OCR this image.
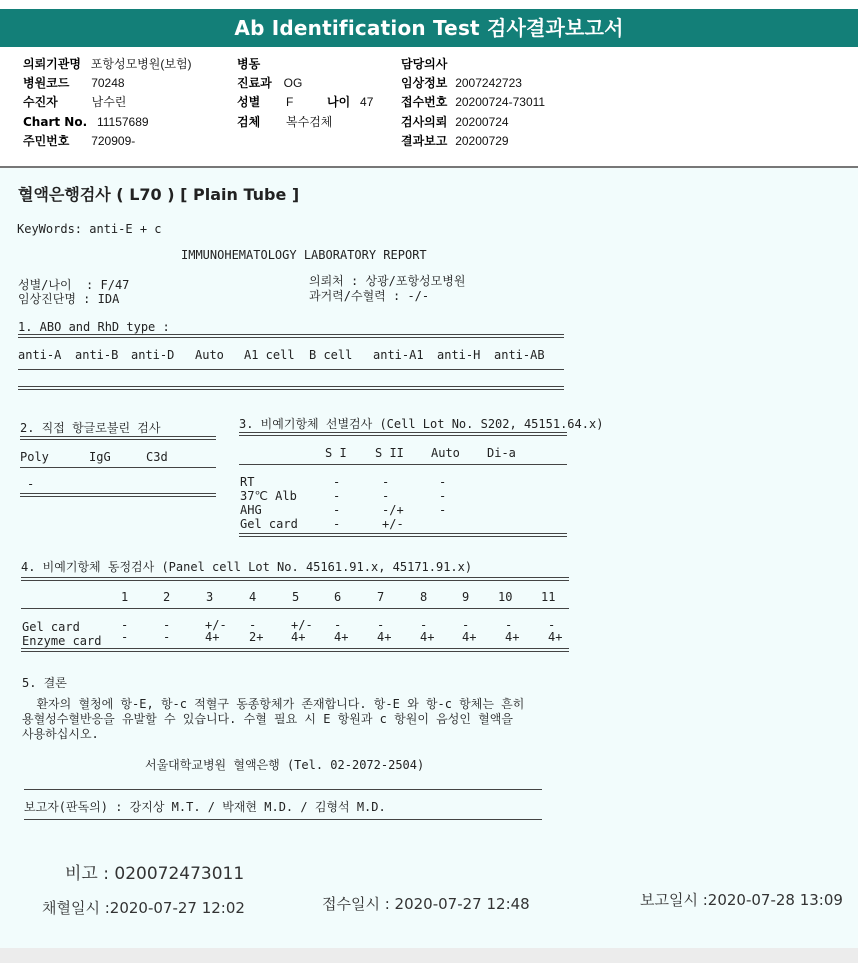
Ab Identification Test 검사결과보고서
의뢰기관명 포항성모병원(보험)
병원코드 70248
수진자	남수린
Chart No. 11157689
주민번호 720909-
병동
진료과 OG
성별 F	나이 47
검체 복수검체
담당의사
임상정보 2007242723
접수번호 20200724-73011
검사의뢰 20200724
결과보고 20200729
혈액은행검사 ( L70 ) [ Plain Tube ]
KeyWords: anti-E + c
IMMUNOHEMATOLOGY LABORATORY REPORT
성별/나이  : F/47
임상진단명 : IDA
의뢰처 : 상광/포항성모병원
과거력/수혈력 : -/-
1. ABO and RhD type :
anti-A anti-B anti-D Auto A1 cell B cell anti-A1 anti-H anti-AB
2. 직접 항글로불린 검사
Poly	IgG	C3d
-
3. 비예기항체 선별검사 (Cell Lot No. S202, 45151.64.x)
S I S II Auto Di-a
RT	-	-	-
37℃ Alb	-	-	-
AHG	-	-/+	-
Gel card	-	+/-
4. 비예기항체 동정검사 (Panel cell Lot No. 45161.91.x, 45171.91.x)
1	2	3	4	5	6	7	8	9 10 11
Gel card	-	-	+/- -	+/- -	-	-	-	-	-
Enzyme card -	-	4+ 2+ 4+ 4+ 4+ 4+ 4+ 4+ 4+
5. 결론
환자의 혈청에 항-E, 항-c 적혈구 동종항체가 존재합니다. 항-E 와 항-c 항체는 흔히
용혈성수혈반응을 유발할 수 있습니다. 수혈 필요 시 E 항원과 c 항원이 음성인 혈액을
사용하십시오.
서울대학교병원 혈액은행 (Tel. 02-2072-2504)
보고자(판독의) : 강지상 M.T. / 박재현 M.D. / 김형석 M.D.
비고 : 020072473011
채혈일시 :2020-07-27 12:02	접수일시 : 2020-07-27 12:48	보고일시 :2020-07-28 13:09
